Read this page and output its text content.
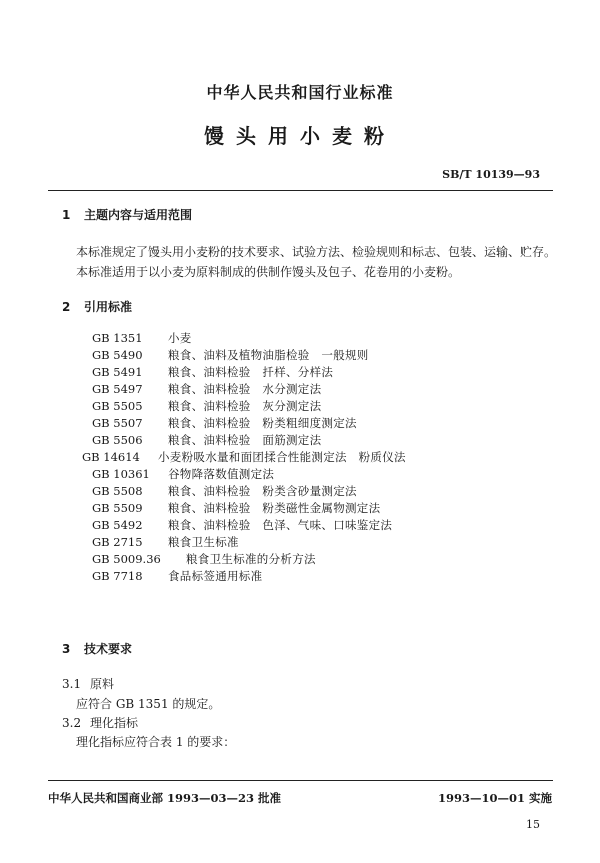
中华人民共和国行业标准
馒头用小麦粉
SB/T 10139—93
1 主题内容与适用范围
本标准规定了馒头用小麦粉的技术要求、试验方法、检验规则和标志、包装、运输、贮存。
本标准适用于以小麦为原料制成的供制作馒头及包子、花卷用的小麦粉。
2 引用标准
GB 1351 小麦
GB 5490 粮食、油料及植物油脂检验　一般规则
GB 5491 粮食、油料检验　扦样、分样法
GB 5497 粮食、油料检验　水分测定法
GB 5505 粮食、油料检验　灰分测定法
GB 5507 粮食、油料检验　粉类粗细度测定法
GB 5506 粮食、油料检验　面筋测定法
GB 14614 小麦粉吸水量和面团揉合性能测定法　粉质仪法
GB 10361 谷物降落数值测定法
GB 5508 粮食、油料检验　粉类含砂量测定法
GB 5509 粮食、油料检验　粉类磁性金属物测定法
GB 5492 粮食、油料检验　色泽、气味、口味鉴定法
GB 2715 粮食卫生标准
GB 5009.36 粮食卫生标准的分析方法
GB 7718 食品标签通用标准
3 技术要求
3.1 原料
应符合 GB 1351 的规定。
3.2 理化指标
理化指标应符合表 1 的要求：
中华人民共和国商业部 1993—03—23 批准	1993—10—01 实施
15
